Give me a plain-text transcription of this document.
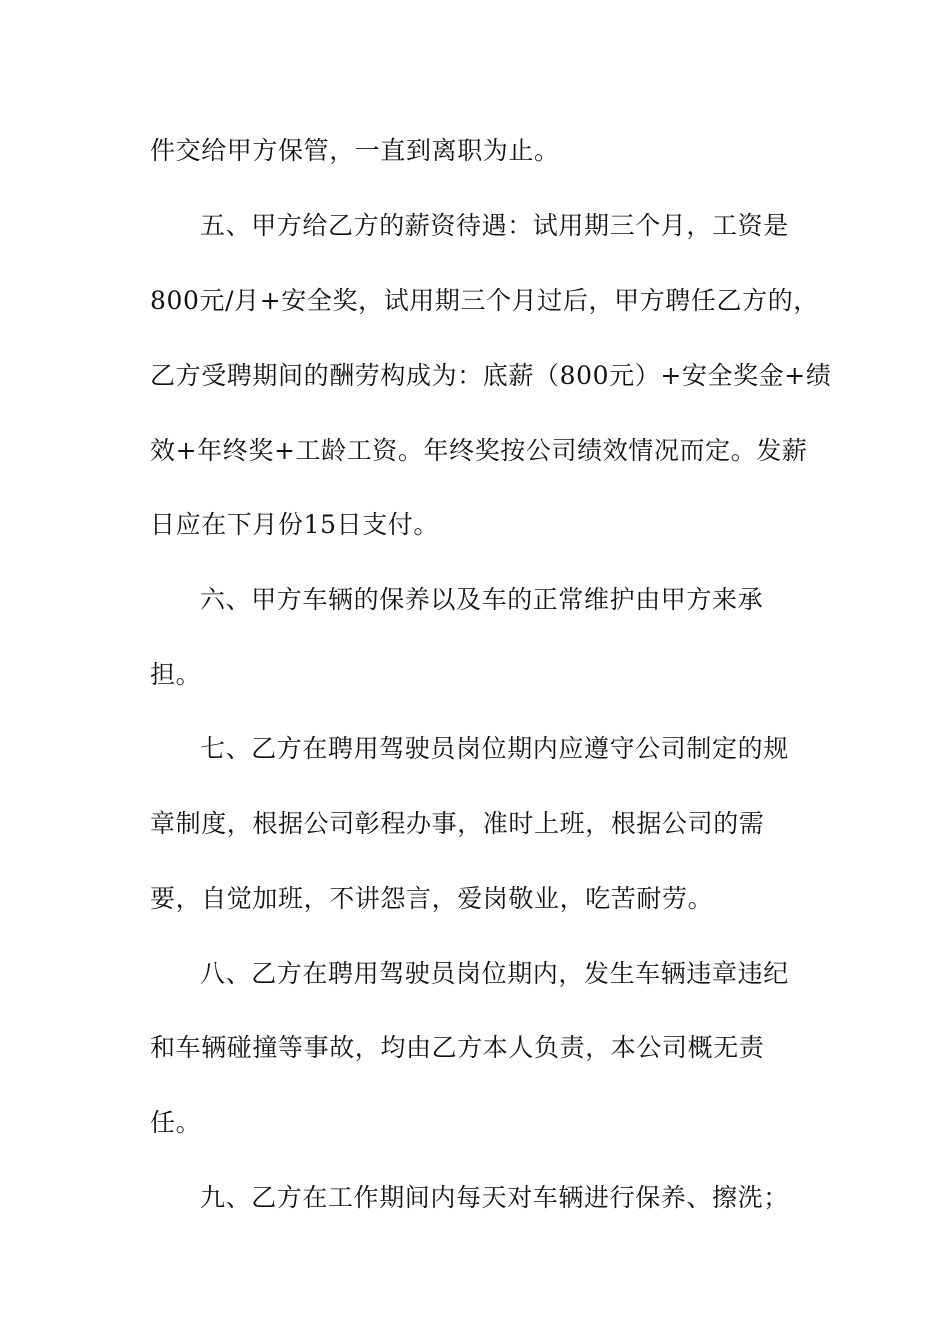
件交给甲方保管，一直到离职为止。
五、甲方给乙方的薪资待遇：试用期三个月，工资是
800元/月+安全奖，试用期三个月过后，甲方聘任乙方的，
乙方受聘期间的酬劳构成为：底薪（800元）+安全奖金+绩
效+年终奖+工龄工资。年终奖按公司绩效情况而定。发薪
日应在下月份15日支付。
六、甲方车辆的保养以及车的正常维护由甲方来承
担。
七、乙方在聘用驾驶员岗位期内应遵守公司制定的规
章制度，根据公司彰程办事，准时上班，根据公司的需
要，自觉加班，不讲怨言，爱岗敬业，吃苦耐劳。
八、乙方在聘用驾驶员岗位期内，发生车辆违章违纪
和车辆碰撞等事故，均由乙方本人负责，本公司概无责
任。
九、乙方在工作期间内每天对车辆进行保养、擦洗；
